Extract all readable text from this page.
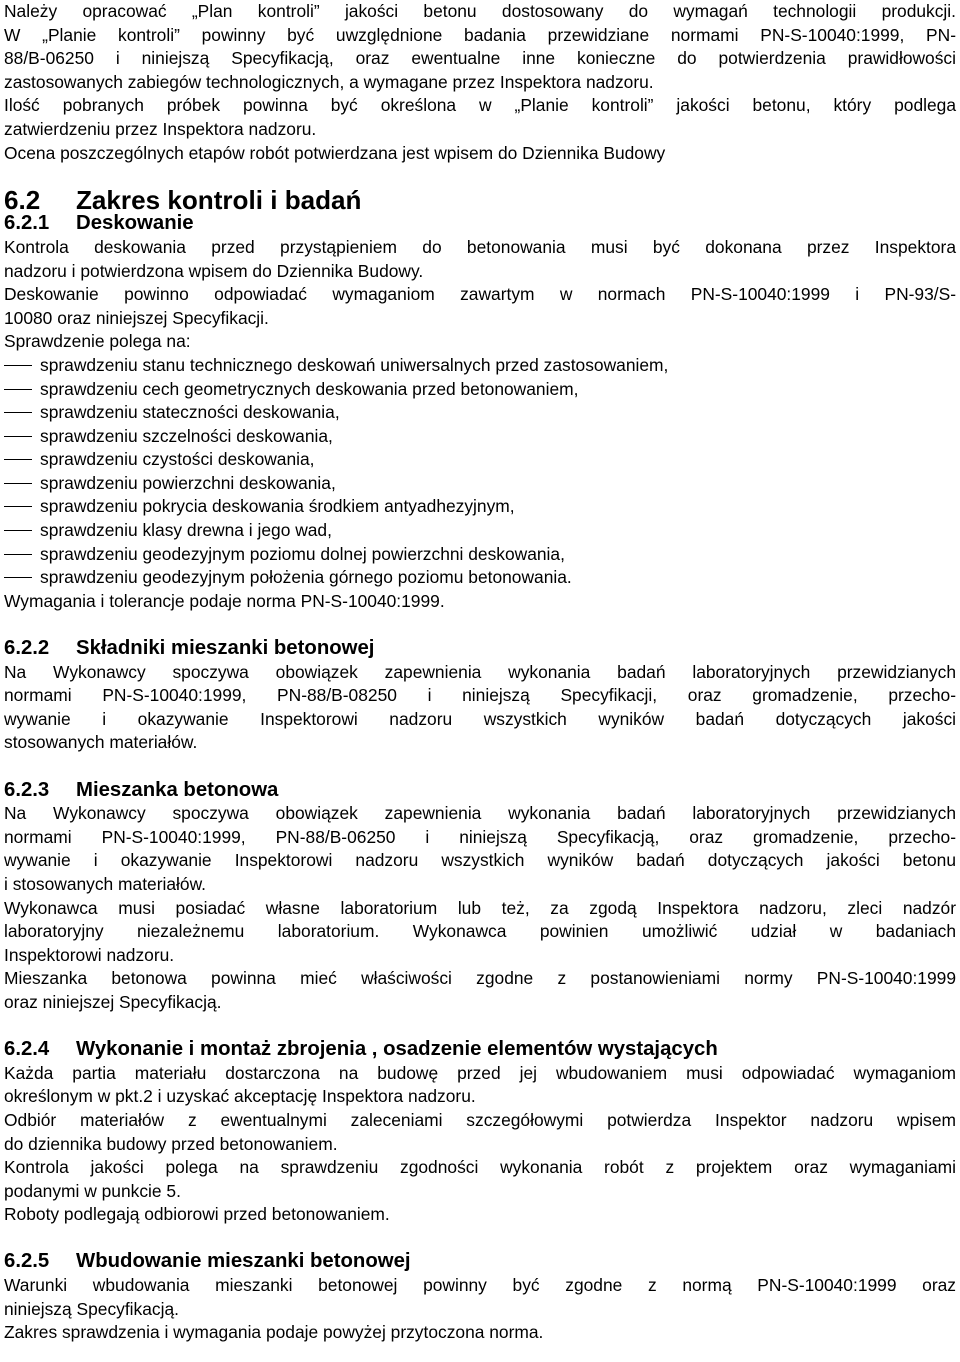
Należy opracować „Plan kontroli” jakości betonu dostosowany do wymagań technologii produkcji.

W „Planie kontroli” powinny być uwzględnione badania przewidziane normami PN-S-10040:1999, PN-

88/B-06250 i niniejszą Specyfikacją, oraz ewentualne inne konieczne do potwierdzenia prawidłowości

zastosowanych zabiegów technologicznych, a wymagane przez Inspektora nadzoru.

Ilość pobranych próbek powinna być określona w „Planie kontroli” jakości betonu, który podlega

zatwierdzeniu przez Inspektora nadzoru.

Ocena poszczególnych etapów robót potwierdzana jest wpisem do Dziennika Budowy

6.2 Zakres kontroli i badań
6.2.1 Deskowanie

Kontrola deskowania przed przystąpieniem do betonowania musi być dokonana przez Inspektora

nadzoru i potwierdzona wpisem do Dziennika Budowy.

Deskowanie powinno odpowiadać wymaganiom zawartym w normach PN-S-10040:1999 i PN-93/S-

10080 oraz niniejszej Specyfikacji.

Sprawdzenie polega na:

sprawdzeniu stanu technicznego deskowań uniwersalnych przed zastosowaniem,
sprawdzeniu cech geometrycznych deskowania przed betonowaniem,
sprawdzeniu stateczności deskowania,
sprawdzeniu szczelności deskowania,
sprawdzeniu czystości deskowania,
sprawdzeniu powierzchni deskowania,
sprawdzeniu pokrycia deskowania środkiem antyadhezyjnym,
sprawdzeniu klasy drewna i jego wad,
sprawdzeniu geodezyjnym poziomu dolnej powierzchni deskowania,
sprawdzeniu geodezyjnym położenia górnego poziomu betonowania.

Wymagania i tolerancje podaje norma PN-S-10040:1999.

6.2.2 Składniki mieszanki betonowej

Na Wykonawcy spoczywa obowiązek zapewnienia wykonania badań laboratoryjnych przewidzianych

normami PN-S-10040:1999, PN-88/B-08250 i niniejszą Specyfikacji, oraz gromadzenie, przecho-

wywanie i okazywanie Inspektorowi nadzoru wszystkich wyników badań dotyczących jakości

stosowanych materiałów.

6.2.3 Mieszanka betonowa

Na Wykonawcy spoczywa obowiązek zapewnienia wykonania badań laboratoryjnych przewidzianych

normami PN-S-10040:1999, PN-88/B-06250 i niniejszą Specyfikacją, oraz gromadzenie, przecho-

wywanie i okazywanie Inspektorowi nadzoru wszystkich wyników badań dotyczących jakości betonu

i stosowanych materiałów.

Wykonawca musi posiadać własne laboratorium lub też, za zgodą Inspektora nadzoru, zleci nadzór

laboratoryjny niezależnemu laboratorium. Wykonawca powinien umożliwić udział w badaniach

Inspektorowi nadzoru.

Mieszanka betonowa powinna mieć właściwości zgodne z postanowieniami normy PN-S-10040:1999

oraz niniejszej Specyfikacją.

6.2.4 Wykonanie i montaż zbrojenia , osadzenie elementów wystających

Każda partia materiału dostarczona na budowę przed jej wbudowaniem musi odpowiadać wymaganiom

określonym w pkt.2 i uzyskać akceptację Inspektora nadzoru.

Odbiór materiałów z ewentualnymi zaleceniami szczegółowymi potwierdza Inspektor nadzoru wpisem

do dziennika budowy przed betonowaniem.

Kontrola jakości polega na sprawdzeniu zgodności wykonania robót z projektem oraz wymaganiami

podanymi w punkcie 5.

Roboty podlegają odbiorowi przed betonowaniem.

6.2.5 Wbudowanie mieszanki betonowej

Warunki wbudowania mieszanki betonowej powinny być zgodne z normą PN-S-10040:1999 oraz

niniejszą Specyfikacją.

Zakres sprawdzenia i wymagania podaje powyżej przytoczona norma.
